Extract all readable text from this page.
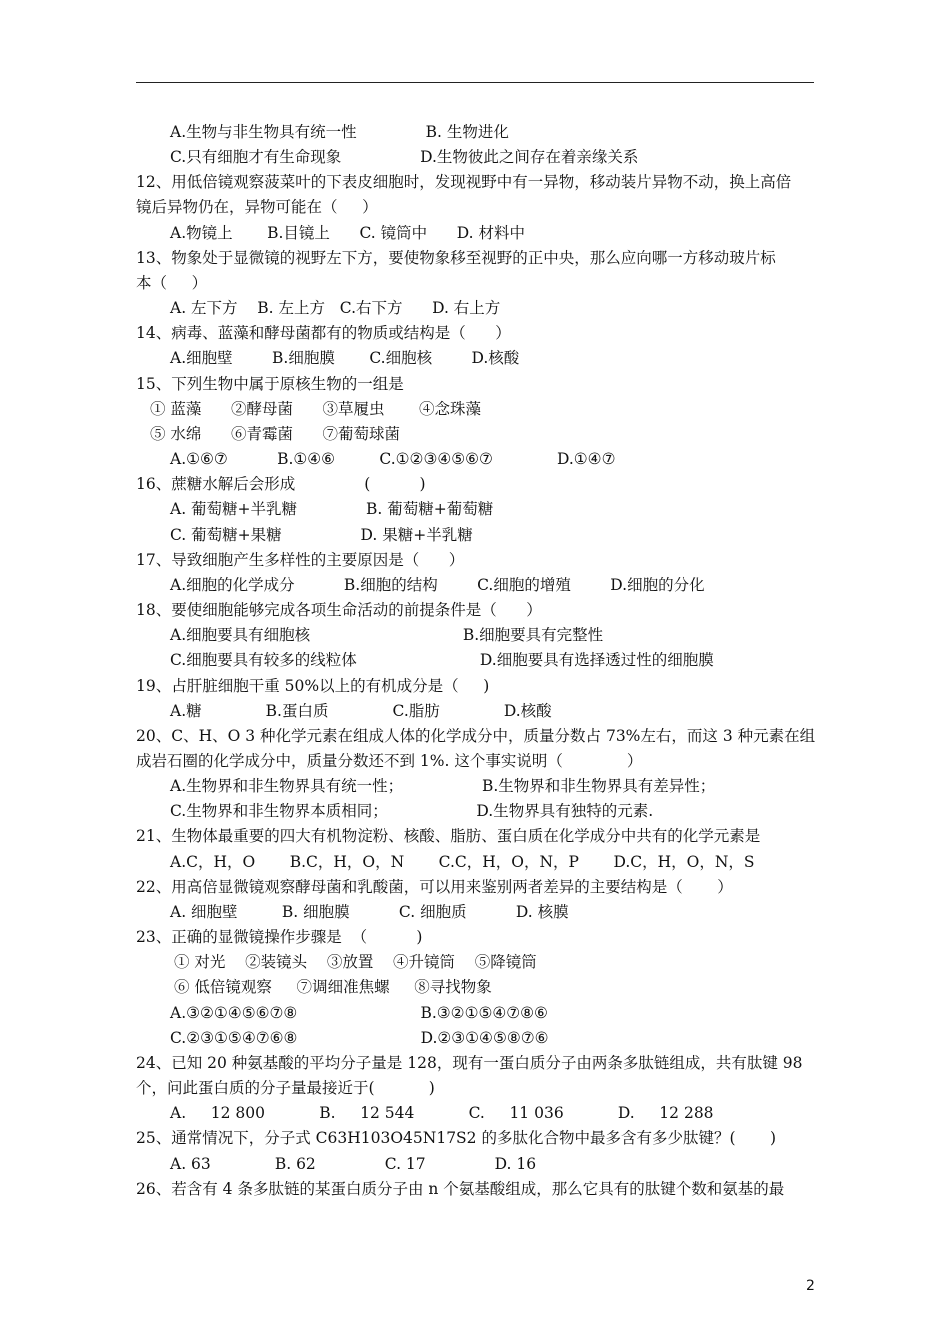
A.生物与非生物具有统一性              B. 生物进化
C.只有细胞才有生命现象                D.生物彼此之间存在着亲缘关系
12、用低倍镜观察菠菜叶的下表皮细胞时，发现视野中有一异物，移动装片异物不动，换上高倍
镜后异物仍在，异物可能在（     ）
A.物镜上       B.目镜上      C. 镜筒中      D. 材料中
13、物象处于显微镜的视野左下方，要使物象移至视野的正中央，那么应向哪一方移动玻片标
本（     ）
A. 左下方    B. 左上方   C.右下方      D. 右上方
14、病毒、蓝藻和酵母菌都有的物质或结构是（      ）
A.细胞壁        B.细胞膜       C.细胞核        D.核酸
15、下列生物中属于原核生物的一组是
① 蓝藻      ②酵母菌      ③草履虫       ④念珠藻
⑤ 水绵      ⑥青霉菌      ⑦葡萄球菌
A.①⑥⑦          B.①④⑥         C.①②③④⑤⑥⑦             D.①④⑦
16、蔗糖水解后会形成              (          )
A. 葡萄糖+半乳糖              B. 葡萄糖+葡萄糖
C. 葡萄糖+果糖                D. 果糖+半乳糖
17、导致细胞产生多样性的主要原因是（      ）
A.细胞的化学成分          B.细胞的结构        C.细胞的增殖        D.细胞的分化
18、要使细胞能够完成各项生命活动的前提条件是（      ）
A.细胞要具有细胞核                               B.细胞要具有完整性
C.细胞要具有较多的线粒体                         D.细胞要具有选择透过性的细胞膜
19、占肝脏细胞干重 50%以上的有机成分是（     )
A.糖             B.蛋白质             C.脂肪             D.核酸
20、C、H、O 3 种化学元素在组成人体的化学成分中，质量分数占 73%左右，而这 3 种元素在组
成岩石圈的化学成分中，质量分数还不到 1%. 这个事实说明（             ）
A.生物界和非生物界具有统一性；                B.生物界和非生物界具有差异性；
C.生物界和非生物界本质相同；                  D.生物界具有独特的元素.
21、生物体最重要的四大有机物淀粉、核酸、脂肪、蛋白质在化学成分中共有的化学元素是
A.C，H，O       B.C，H，O，N       C.C，H，O，N，P       D.C，H，O，N，S
22、用高倍显微镜观察酵母菌和乳酸菌，可以用来鉴别两者差异的主要结构是（       ）
A. 细胞壁         B. 细胞膜          C. 细胞质          D. 核膜
23、正确的显微镜操作步骤是  （          )
① 对光    ②装镜头    ③放置    ④升镜筒    ⑤降镜筒
⑥ 低倍镜观察     ⑦调细准焦螺     ⑧寻找物象
A.③②①④⑤⑥⑦⑧                         B.③②①⑤④⑦⑧⑥
C.②③①⑤④⑦⑥⑧                         D.②③①④⑤⑧⑦⑥
24、已知 20 种氨基酸的平均分子量是 128，现有一蛋白质分子由两条多肽链组成，共有肽键 98
个，问此蛋白质的分子量最接近于(           )
A.     12 800           B.     12 544           C.     11 036           D.     12 288
25、通常情况下，分子式 C63H103O45N17S2 的多肽化合物中最多含有多少肽键？(       )
A. 63             B. 62              C. 17              D. 16
26、若含有 4 条多肽链的某蛋白质分子由 n 个氨基酸组成，那么它具有的肽键个数和氨基的最
2
